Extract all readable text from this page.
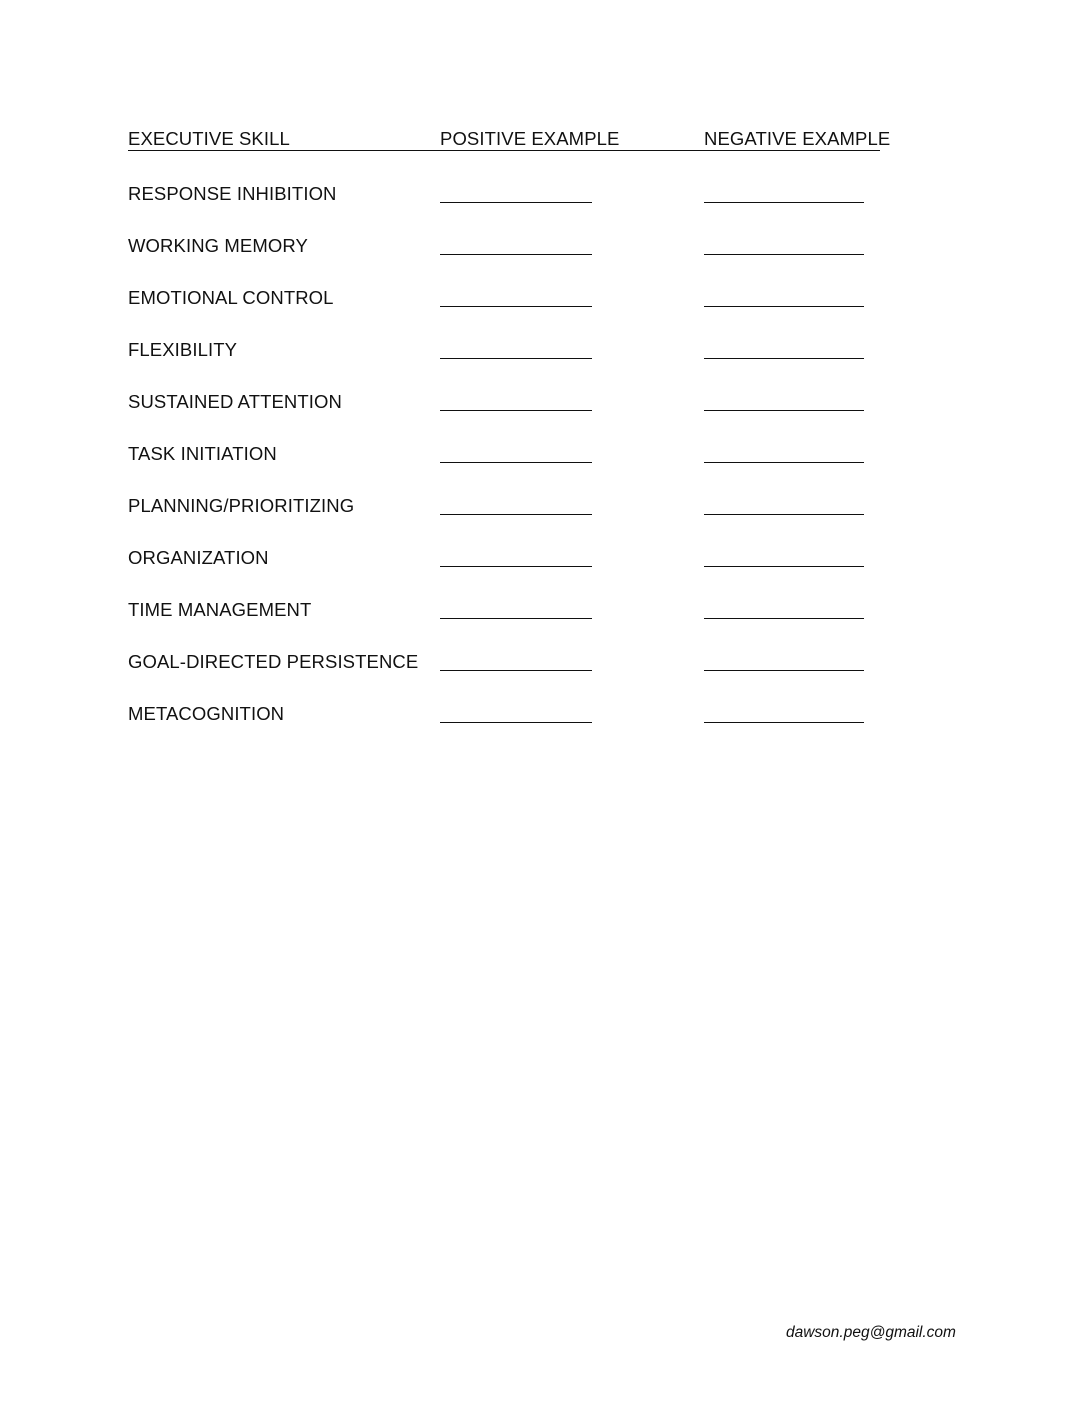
EXECUTIVE SKILL	POSITIVE EXAMPLE	NEGATIVE EXAMPLE
RESPONSE INHIBITION
WORKING MEMORY
EMOTIONAL CONTROL
FLEXIBILITY
SUSTAINED ATTENTION
TASK INITIATION
PLANNING/PRIORITIZING
ORGANIZATION
TIME MANAGEMENT
GOAL-DIRECTED PERSISTENCE
METACOGNITION
dawson.peg@gmail.com
